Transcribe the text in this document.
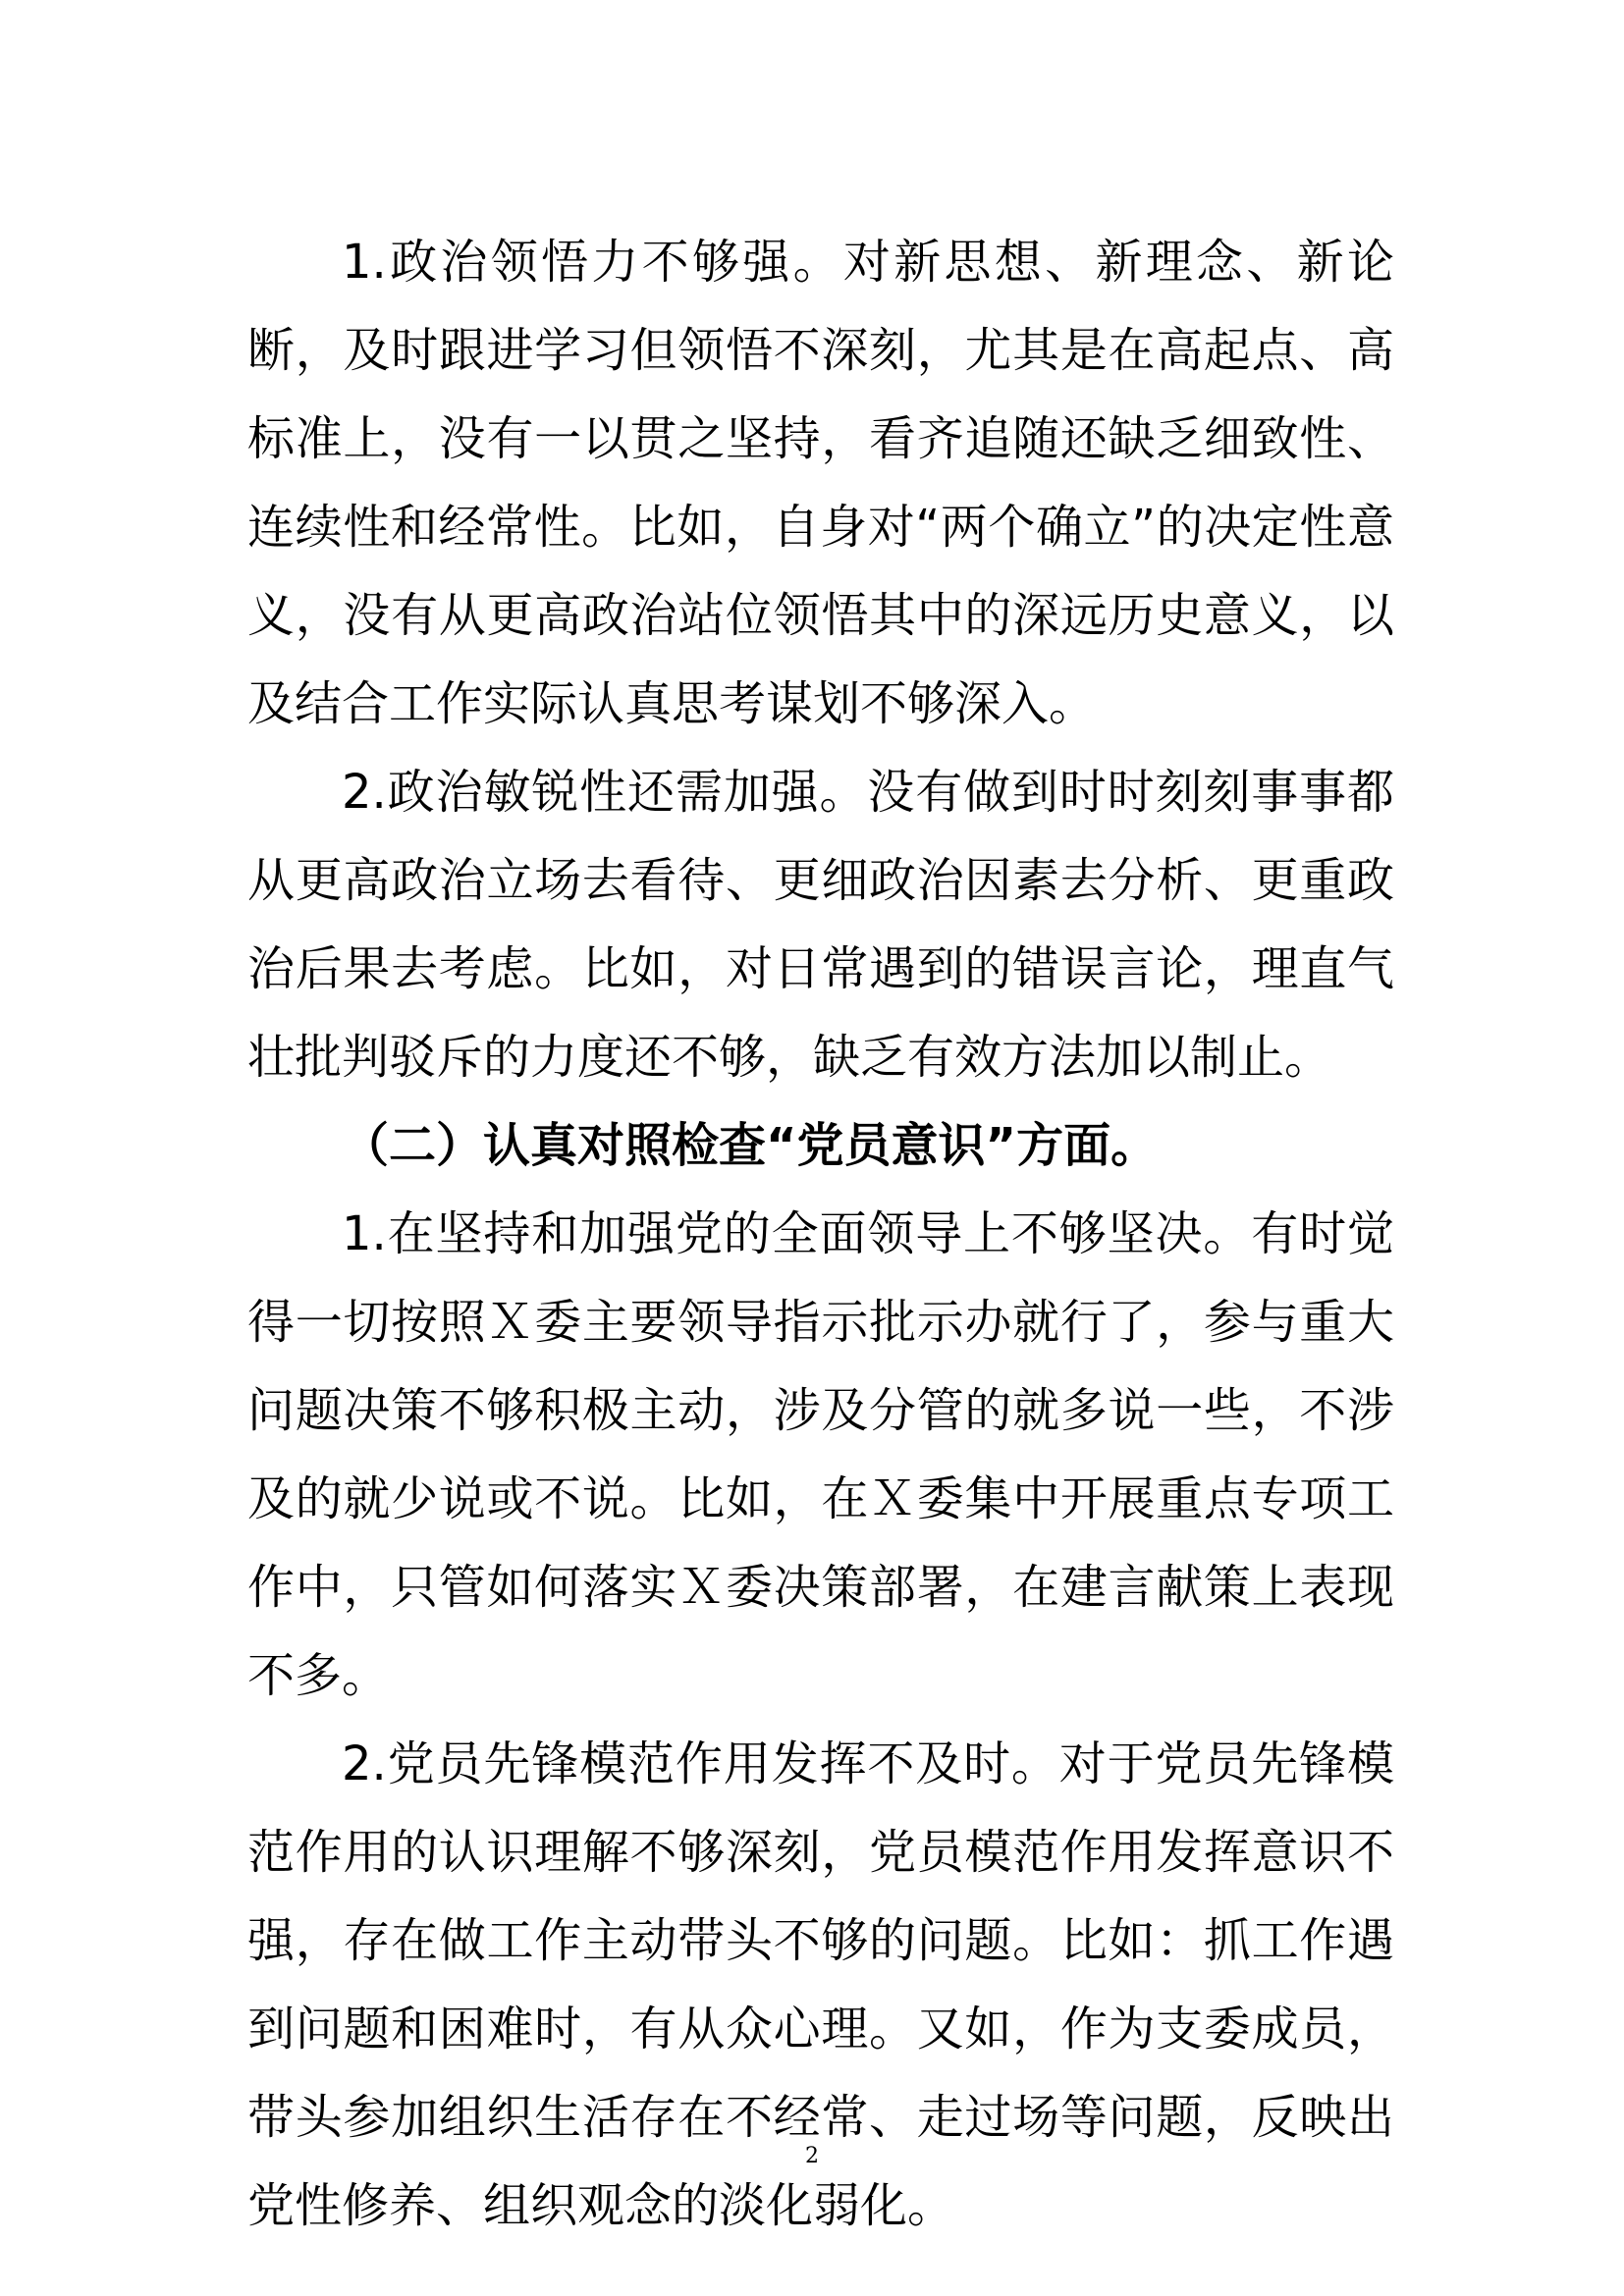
1.政治领悟力不够强。对新思想、新理念、新论断，及时跟进学习但领悟不深刻，尤其是在高起点、高标准上，没有一以贯之坚持，看齐追随还缺乏细致性、连续性和经常性。比如，自身对“两个确立”的决定性意义，没有从更高政治站位领悟其中的深远历史意义，以及结合工作实际认真思考谋划不够深入。

2.政治敏锐性还需加强。没有做到时时刻刻事事都从更高政治立场去看待、更细政治因素去分析、更重政治后果去考虑。比如，对日常遇到的错误言论，理直气壮批判驳斥的力度还不够，缺乏有效方法加以制止。

（二）认真对照检查“党员意识”方面。

1.在坚持和加强党的全面领导上不够坚决。有时觉得一切按照Ｘ委主要领导指示批示办就行了，参与重大问题决策不够积极主动，涉及分管的就多说一些，不涉及的就少说或不说。比如，在Ｘ委集中开展重点专项工作中，只管如何落实Ｘ委决策部署，在建言献策上表现不多。

2.党员先锋模范作用发挥不及时。对于党员先锋模范作用的认识理解不够深刻，党员模范作用发挥意识不强，存在做工作主动带头不够的问题。比如：抓工作遇到问题和困难时，有从众心理。又如，作为支委成员，带头参加组织生活存在不经常、走过场等问题，反映出党性修养、组织观念的淡化弱化。

2
